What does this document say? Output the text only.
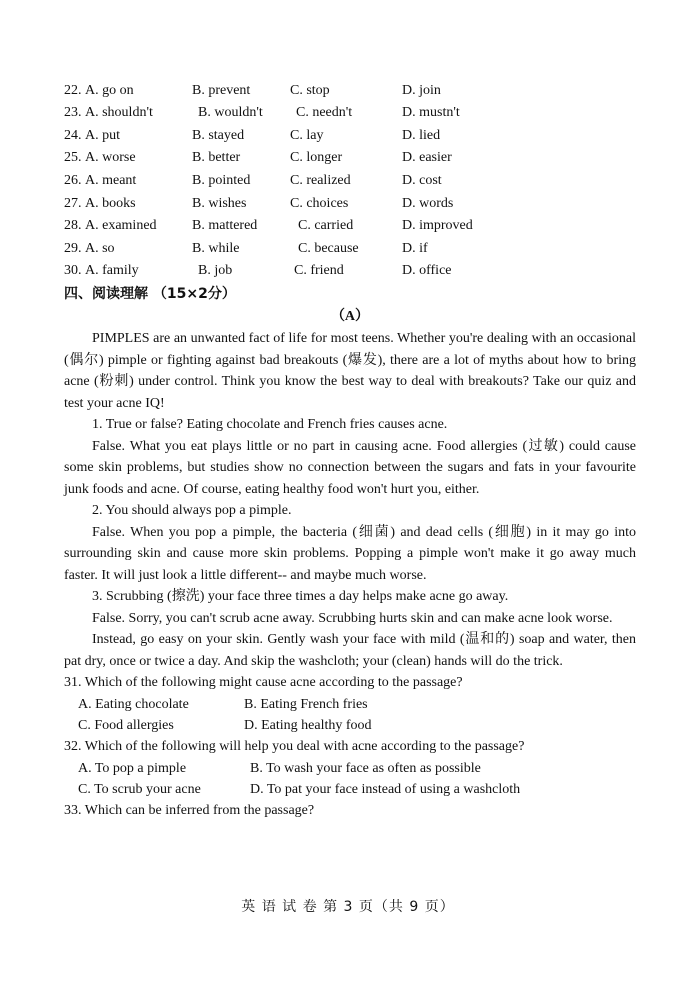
22. A. go on	B. prevent	C. stop	D. join
23. A. shouldn't	B. wouldn't	C. needn't	D. mustn't
24. A. put	B. stayed	C. lay	D. lied
25. A. worse	B. better	C. longer	D. easier
26. A. meant	B. pointed	C. realized	D. cost
27. A. books	B. wishes	C. choices	D. words
28. A. examined	B. mattered	C. carried	D. improved
29. A. so	B. while	C. because	D. if
30. A. family	B. job	C. friend	D. office
四、阅读理解 （15×2分）
（A）

PIMPLES are an unwanted fact of life for most teens. Whether you're dealing with an occasional (偶尔) pimple or fighting against bad breakouts (爆发), there are a lot of myths about how to bring acne (粉刺) under control. Think you know the best way to deal with breakouts? Take our quiz and test your acne IQ!

1. True or false? Eating chocolate and French fries causes acne.

False. What you eat plays little or no part in causing acne. Food allergies (过敏) could cause some skin problems, but studies show no connection between the sugars and fats in your favourite junk foods and acne. Of course, eating healthy food won't hurt you, either.

2. You should always pop a pimple.

False. When you pop a pimple, the bacteria (细菌) and dead cells (细胞) in it may go into surrounding skin and cause more skin problems. Popping a pimple won't make it go away much faster. It will just look a little different-- and maybe much worse.

3. Scrubbing (擦洗) your face three times a day helps make acne go away.

False. Sorry, you can't scrub acne away. Scrubbing hurts skin and can make acne look worse.

Instead, go easy on your skin. Gently wash your face with mild (温和的) soap and water, then pat dry, once or twice a day. And skip the washcloth; your (clean) hands will do the trick.

31. Which of the following might cause acne according to the passage?

A. Eating chocolate	B. Eating French fries
C. Food allergies	D. Eating healthy food

32. Which of the following will help you deal with acne according to the passage?

A. To pop a pimple	B. To wash your face as often as possible
C. To scrub your acne	D. To pat your face instead of using a washcloth

33. Which can be inferred from the passage?

英 语 试 卷 第 3 页（共 9 页）
